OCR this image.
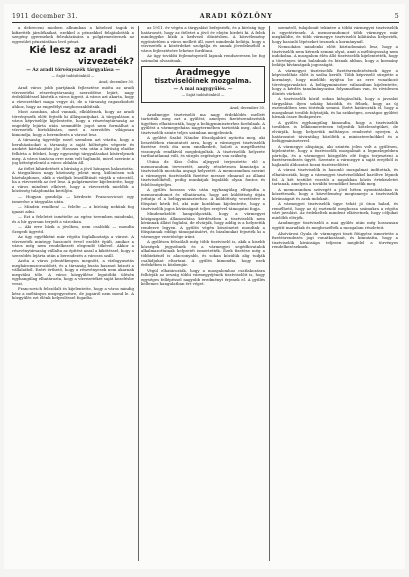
1911 december 31.	ARADI KÖZLÖNY	5

a debreceni modern albumban a kötelező tagok is kifizették járulékaikat, ezekkel a pénzekkel felajánlották a szegény gyermekek felruházására a polgármesternek az egyesület pénztárában levő pénzt.

Kié lesz az aradi
vizvezeték?
— Az aradi törvényszék tárgyalása —
— Saját tudósítónktól —
Arad, december 30.

Arad város jobb partjának fejlesztése mióta az aradi vízvezetéki részvénytársaság szerződése lejárt, nagy érdeklődéssel kísérik a város ügyeit. A város azt akarta, hogy a vízvezetéket maga vegye át, de a társaság ragaszkodott ahhoz, hogy az engedélyt meghosszabbítsák.

Most azonban, ahol vannak, elküldenek, hogy az aradi törvényszék előtt fejtsék ki álláspontjukat. A tárgyaláson a város képviselője kijelentette, hogy a részvénytársaság az engedély lejárta után semmiféle jogot nem formálhat a vízvezeték birtoklására, mert a szerződés világosan kimondja, hogy a berendezés a városé lesz.

A társaság ügyvédje ezzel szemben azt vitatta, hogy a beruházásokat a társaság a saját költségén végezte és azokért kártalanítás jár. Hosszas vita után a bíróság elnöke felhívta a feleket, hogy egyezségi tárgyalásokat kíséreljenek meg. A város tanácsa erre nem volt hajlandó, mivel szerinte a jog kétségtelenül a város oldalán áll.

Az ítélet kihirdetését a bíróság a jövő hónapra halasztotta. A tárgyaláson nagy közönség jelent meg, különösen sok háztulajdonos, akik a vízdíjak leszállítását várják a várostól, ha a vízvezeték az övé lesz. A polgármester kijelentette, hogy a város mindent elkövet, hogy a vízvezeték mielőbb a közösség tulajdonába kerüljön.

— Hogyan gondolja — kérdezte Francsovicsot egy ismerőse a tárgyalás után.

— Minden rendben! — felelte — a bíróság nekünk fog igazat adni.

— Ezt a feleletet ismételte az egész teremben mindenki, és a hír gyorsan terjedt a városban.

— Aki erre bízik a jövőben, nem csalódik — mondta Szegedi ügyvéd.

Az ügy egyébként már régóta foglalkoztatja a várost. A vízvezeték mintegy huszonöt évvel ezelőtt épült, amikor a város még nem rendelkezett elegendő tőkével. Akkor a részvénytársaság vállalta az építést azzal a kikötéssel, hogy a szerződés lejárta után a berendezés a városra száll.

Azóta a város jelentékenyen megnőtt, a vízfogyasztás megháromszorozódott, és a társaság busás hasznot húzott a vállalatból. Ezért érthető, hogy a részvényesek nem akarnak megválni tőle. A város közgyűlése legutóbbi ülésén egyhangúlag elhatározta, hogy a vízvezetéket saját kezelésbe veszi.

Francsovich felszólalt és kijelentette, hogy a város mindig kész a méltányos megegyezésre, de jogairól nem mond le. A közgyűlés ezt élénk helyesléssel fogadta.

az 1911. év végén a tárgyalást befejezték, és a bíróság úgy határozott, hogy az ítéletet a jövő év elején hirdeti ki. A felek mindegyike bízik a kedvező döntésben. A közvélemény egyöntetűen a város mellett áll, mert mindenki belátja, hogy a vízvezeték a közérdeket szolgálja és annak jövedelméből a város fejlesztésére lehetne fordítani.

Az ügy további fejleményeiről lapunk rendszeresen be fog számolni olvasóinak.

Aradmegye
tisztviselőinek mozgalma.
— A mai nagygyűlés. —
— Saját tudósítónktól —
Arad, december 30.

Aradmegye tisztviselői ma nagy érdeklődés mellett tartották meg azt a gyűlést, amelyen fizetésrendezésük ügyében elhatározták, hogy a belügyminiszterhez fordulnak. A gyűlést a vármegyeháza nagytermében tartották meg, ahol a tisztviselők szinte teljes számban megjelentek.

A gyűlést Szabó Nándor főszolgabíró nyitotta meg, aki beszédében rámutatott arra, hogy a vármegyei tisztviselők fizetése évek óta nem emelkedett, holott a megélhetési viszonyok rendkívül megdrágultak. A tisztviselők helyzete tarthatatlanná vált, és sürgős segítségre van szükség.

Utána dr. Kiss Ödön aljegyző terjesztette elő a memorandum tervezetét, amely részletesen kimutatja a tisztviselők mostoha anyagi helyzetét. A memorandum szerint a vármegyei tisztviselők fizetése messze elmarad az állami tisztviselőkétől, pedig munkájuk legalább olyan fontos és felelősségteljes.

A gyűlés hosszas vita után egyhangúlag elfogadta a memorandumot és elhatározta, hogy azt küldöttség útján juttatja el a belügyminiszterhez. A küldöttség vezetésére a főispánt kérik fel, aki már korábban kijelentette, hogy a tisztviselők jogos kívánságait teljes erejével támogatni fogja.

Mindenekelőtt hangsúlyozták, hogy a vármegyei közigazgatás államosítása kérdésében a tisztviselők nem kívánnak állást foglalni, de elvárják, hogy addig is a helyzetük rendezve legyen. A gyűlés végén köszönetet mondtak a főispánnak eddigi támogatásáért, és bizalmukat fejezték ki a vármegye vezetősége iránt.

A gyűlésen felszólalt még több tisztviselő is, akik a kisebb községek jegyzőinek és a vármegyei segédhivatalok alkalmazottainak helyzetét ismertették. Ezek fizetése még a többiekénél is alacsonyabb, és sokan közülük alig tudják családjukat eltartani. A gyűlés kimondta, hogy ezek érdekében is közbenjár.

Végül elhatározták, hogy a mozgalomhoz csatlakozásra felhívják az ország többi vármegyéjének tisztviselőit is, hogy egységes fellépéssel nagyobb eredményt érjenek el. A gyűlés kellemes hangulatban ért véget.

szeméről, tulajdonát tekintve a többi vármegyei tisztviselők is egyetértenek. A memorandumot több vármegye már megküldte, és több vármegye tisztviselői kilátásba helyezték, hogy hasonló lépéseket tesznek a kormánynál.

Nemsokára mindenki előtt köztudomású lesz, hogy a tisztviselők nem kérnek semmi olyat, amit a méltányosság nem indokolna. A mozgalom élén álló tisztviselők kijelentették, hogy a törvényes úton haladnak és bíznak abban, hogy a kormány belátja kívánságaik jogosságát.

A vármegyei tisztviselők fizetésrendezésének ügye a képviselőház előtt is szóba került. Több képviselő sürgette a kormányt, hogy mielőbb nyújtsa be az erre vonatkozó törvényjavaslatot. A belügyminiszter válaszában kijelentette, hogy a kérdés tanulmányozása folyamatban van, és rövidesen döntés várható.

A tisztviselők közül sokan kifogásolták, hogy a javaslat tárgyalása ilyen sokáig húzódik, és félnek, hogy az új esztendőben sem történik semmi. Ezért határozták el, hogy a mozgalmat tovább folytatják, és ha szükséges, országos gyűlést hívnak össze Budapestre.

A gyűlés egyhangúlag kimondta, hogy a tisztviselők továbbra is lelkiismeretesen teljesítik kötelességüket, de elvárják, hogy helyzetük méltányos rendezést nyerjen. A határozatot táviratilag közölték a miniszterelnökkel és a belügyminiszterrel.

A vármegye alispánja, aki szintén jelen volt a gyűlésen, kijelentette, hogy a tisztviselők mozgalmát a legmelegebben pártolja, és a vármegyei közgyűlés elé fogja terjeszteni a fizetésrendezés ügyét. Szerinte a vármegye a saját erejéből is hajlandó áldozatot hozni tisztviselőiért.

A városi tisztviselők is hasonló mozgalmat indítottak, és elhatározták, hogy a vármegyei tisztviselőkkel karöltve lépnek fel. A két testület vezetői a napokban közös értekezletet tartanak, amelyen a további teendőket beszélik meg.

A memorandum szövegét a jövő héten nyomtatásban is közzéteszik, hogy a közvélemény megismerje a tisztviselők kívánságait és azok indokait.

A vármegyei tisztviselők ügye tehát jó úton halad, és remélhető, hogy az új esztendő meghozza számukra a régóta várt javulást. Az érdekeltek mindent elkövetnek, hogy céljukat mielőbb elérjék.

Aradmegye tisztviselői a mai gyűlés után még hosszasan együtt maradtak és megbeszélték a mozgalom részleteit.

Alsóvárosi Gyula dr. vármegyei tiszti főügyész ismertette a fizetésrendezés jogi vonatkozásait, és kimutatta, hogy a tisztviselők kívánsága teljesen megfelel a törvényes rendelkezéseknek.
